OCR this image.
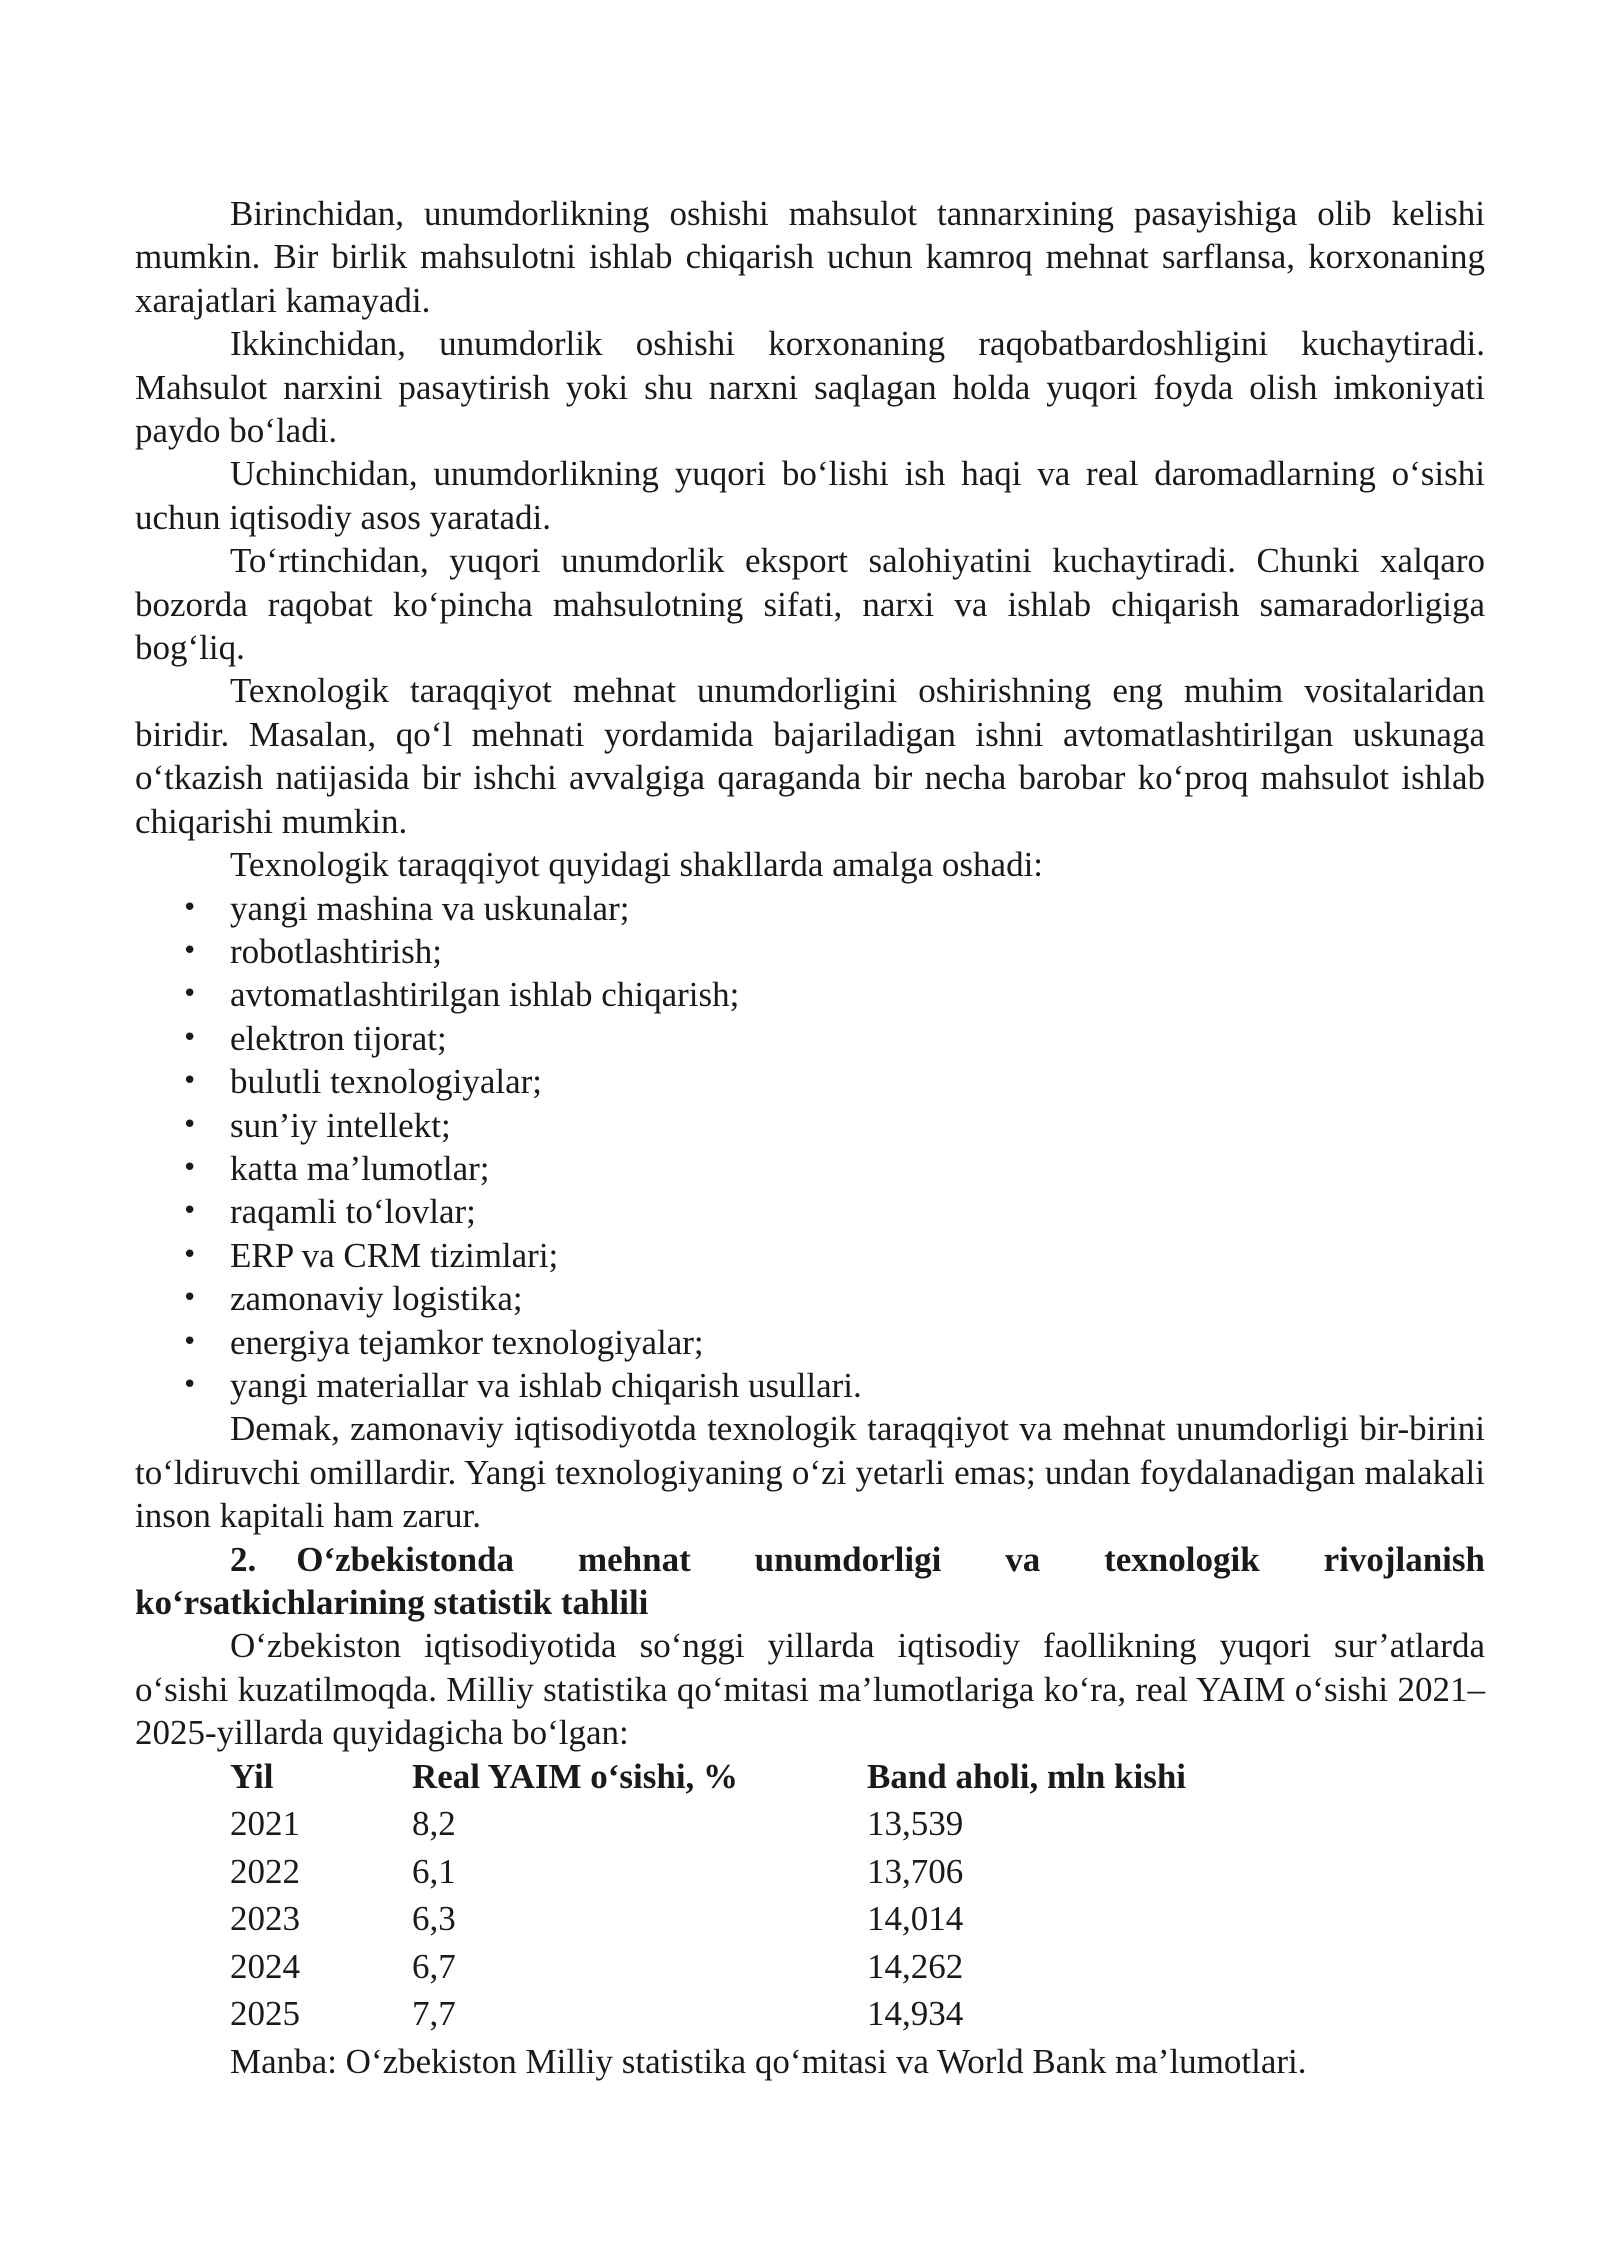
Birinchidan, unumdorlikning oshishi mahsulot tannarxining pasayishiga olib kelishi mumkin. Bir birlik mahsulotni ishlab chiqarish uchun kamroq mehnat sarflansa, korxonaning xarajatlari kamayadi.

Ikkinchidan, unumdorlik oshishi korxonaning raqobatbardoshligini kuchaytiradi. Mahsulot narxini pasaytirish yoki shu narxni saqlagan holda yuqori foyda olish imkoniyati paydo bo‘ladi.

Uchinchidan, unumdorlikning yuqori bo‘lishi ish haqi va real daromadlarning o‘sishi uchun iqtisodiy asos yaratadi.

To‘rtinchidan, yuqori unumdorlik eksport salohiyatini kuchaytiradi. Chunki xalqaro bozorda raqobat ko‘pincha mahsulotning sifati, narxi va ishlab chiqarish samaradorligiga bog‘liq.

Texnologik taraqqiyot mehnat unumdorligini oshirishning eng muhim vositalaridan biridir. Masalan, qo‘l mehnati yordamida bajariladigan ishni avtomatlashtirilgan uskunaga o‘tkazish natijasida bir ishchi avvalgiga qaraganda bir necha barobar ko‘proq mahsulot ishlab chiqarishi mumkin.

Texnologik taraqqiyot quyidagi shakllarda amalga oshadi:

• yangi mashina va uskunalar;
• robotlashtirish;
• avtomatlashtirilgan ishlab chiqarish;
• elektron tijorat;
• bulutli texnologiyalar;
• sun’iy intellekt;
• katta ma’lumotlar;
• raqamli to‘lovlar;
• ERP va CRM tizimlari;
• zamonaviy logistika;
• energiya tejamkor texnologiyalar;
• yangi materiallar va ishlab chiqarish usullari.

Demak, zamonaviy iqtisodiyotda texnologik taraqqiyot va mehnat unumdorligi bir-birini to‘ldiruvchi omillardir. Yangi texnologiyaning o‘zi yetarli emas; undan foydalanadigan malakali inson kapitali ham zarur.

2. O‘zbekistonda mehnat unumdorligi va texnologik rivojlanish ko‘rsatkichlarining statistik tahlili

O‘zbekiston iqtisodiyotida so‘nggi yillarda iqtisodiy faollikning yuqori sur’atlarda o‘sishi kuzatilmoqda. Milliy statistika qo‘mitasi ma’lumotlariga ko‘ra, real YAIM o‘sishi 2021–2025-yillarda quyidagicha bo‘lgan:

Yil	Real YAIM o‘sishi, %	Band aholi, mln kishi
2021	8,2	13,539
2022	6,1	13,706
2023	6,3	14,014
2024	6,7	14,262
2025	7,7	14,934

Manba: O‘zbekiston Milliy statistika qo‘mitasi va World Bank ma’lumotlari.
